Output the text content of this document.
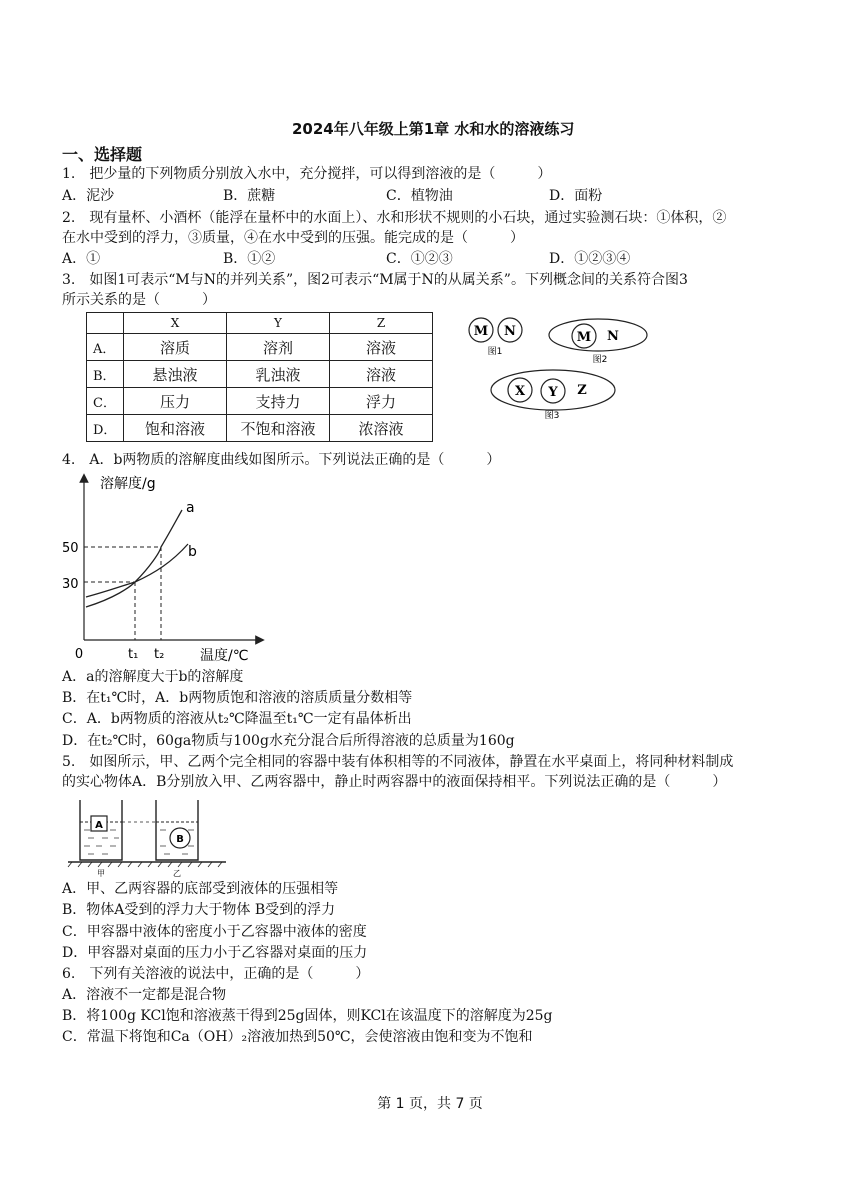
2024年八年级上第1章 水和水的溶液练习
一、选择题
1.　把少量的下列物质分别放入水中，充分搅拌，可以得到溶液的是（　　　）
A．泥沙	B．蔗糖	C．植物油	D．面粉
2.　现有量杯、小酒杯（能浮在量杯中的水面上）、水和形状不规则的小石块，通过实验测石块：①体积，②
在水中受到的浮力，③质量，④在水中受到的压强。能完成的是（　　　）
A．①	B．①②	C．①②③	D．①②③④
3.　如图1可表示“M与N的并列关系”，图2可表示“M属于N的从属关系”。下列概念间的关系符合图3
所示关系的是（　　　）
	X	Y	Z
A．	溶质	溶剂	溶液
B．	悬浊液	乳浊液	溶液
C．	压力	支持力	浮力
D．	饱和溶液	不饱和溶液	浓溶液
M N
图1
M N
图2
X Y Z
图3
4.　A．b两物质的溶解度曲线如图所示。下列说法正确的是（　　　）
溶解度/g
温度/℃
0
50
30
t₁ t₂
a
b
A．a的溶解度大于b的溶解度
B．在t₁℃时，A．b两物质饱和溶液的溶质质量分数相等
C．A．b两物质的溶液从t₂℃降温至t₁℃一定有晶体析出
D．在t₂℃时，60ga物质与100g水充分混合后所得溶液的总质量为160g
5.　如图所示，甲、乙两个完全相同的容器中装有体积相等的不同液体，静置在水平桌面上，将同种材料制成
的实心物体A．B分别放入甲、乙两容器中，静止时两容器中的液面保持相平。下列说法正确的是（　　　）
A
B
甲	乙
A．甲、乙两容器的底部受到液体的压强相等
B．物体A受到的浮力大于物体 B受到的浮力
C．甲容器中液体的密度小于乙容器中液体的密度
D．甲容器对桌面的压力小于乙容器对桌面的压力
6.　下列有关溶液的说法中，正确的是（　　　）
A．溶液不一定都是混合物
B．将100g KCl饱和溶液蒸干得到25g固体，则KCl在该温度下的溶解度为25g
C．常温下将饱和Ca（OH）₂溶液加热到50℃，会使溶液由饱和变为不饱和
第 1 页，共 7 页
